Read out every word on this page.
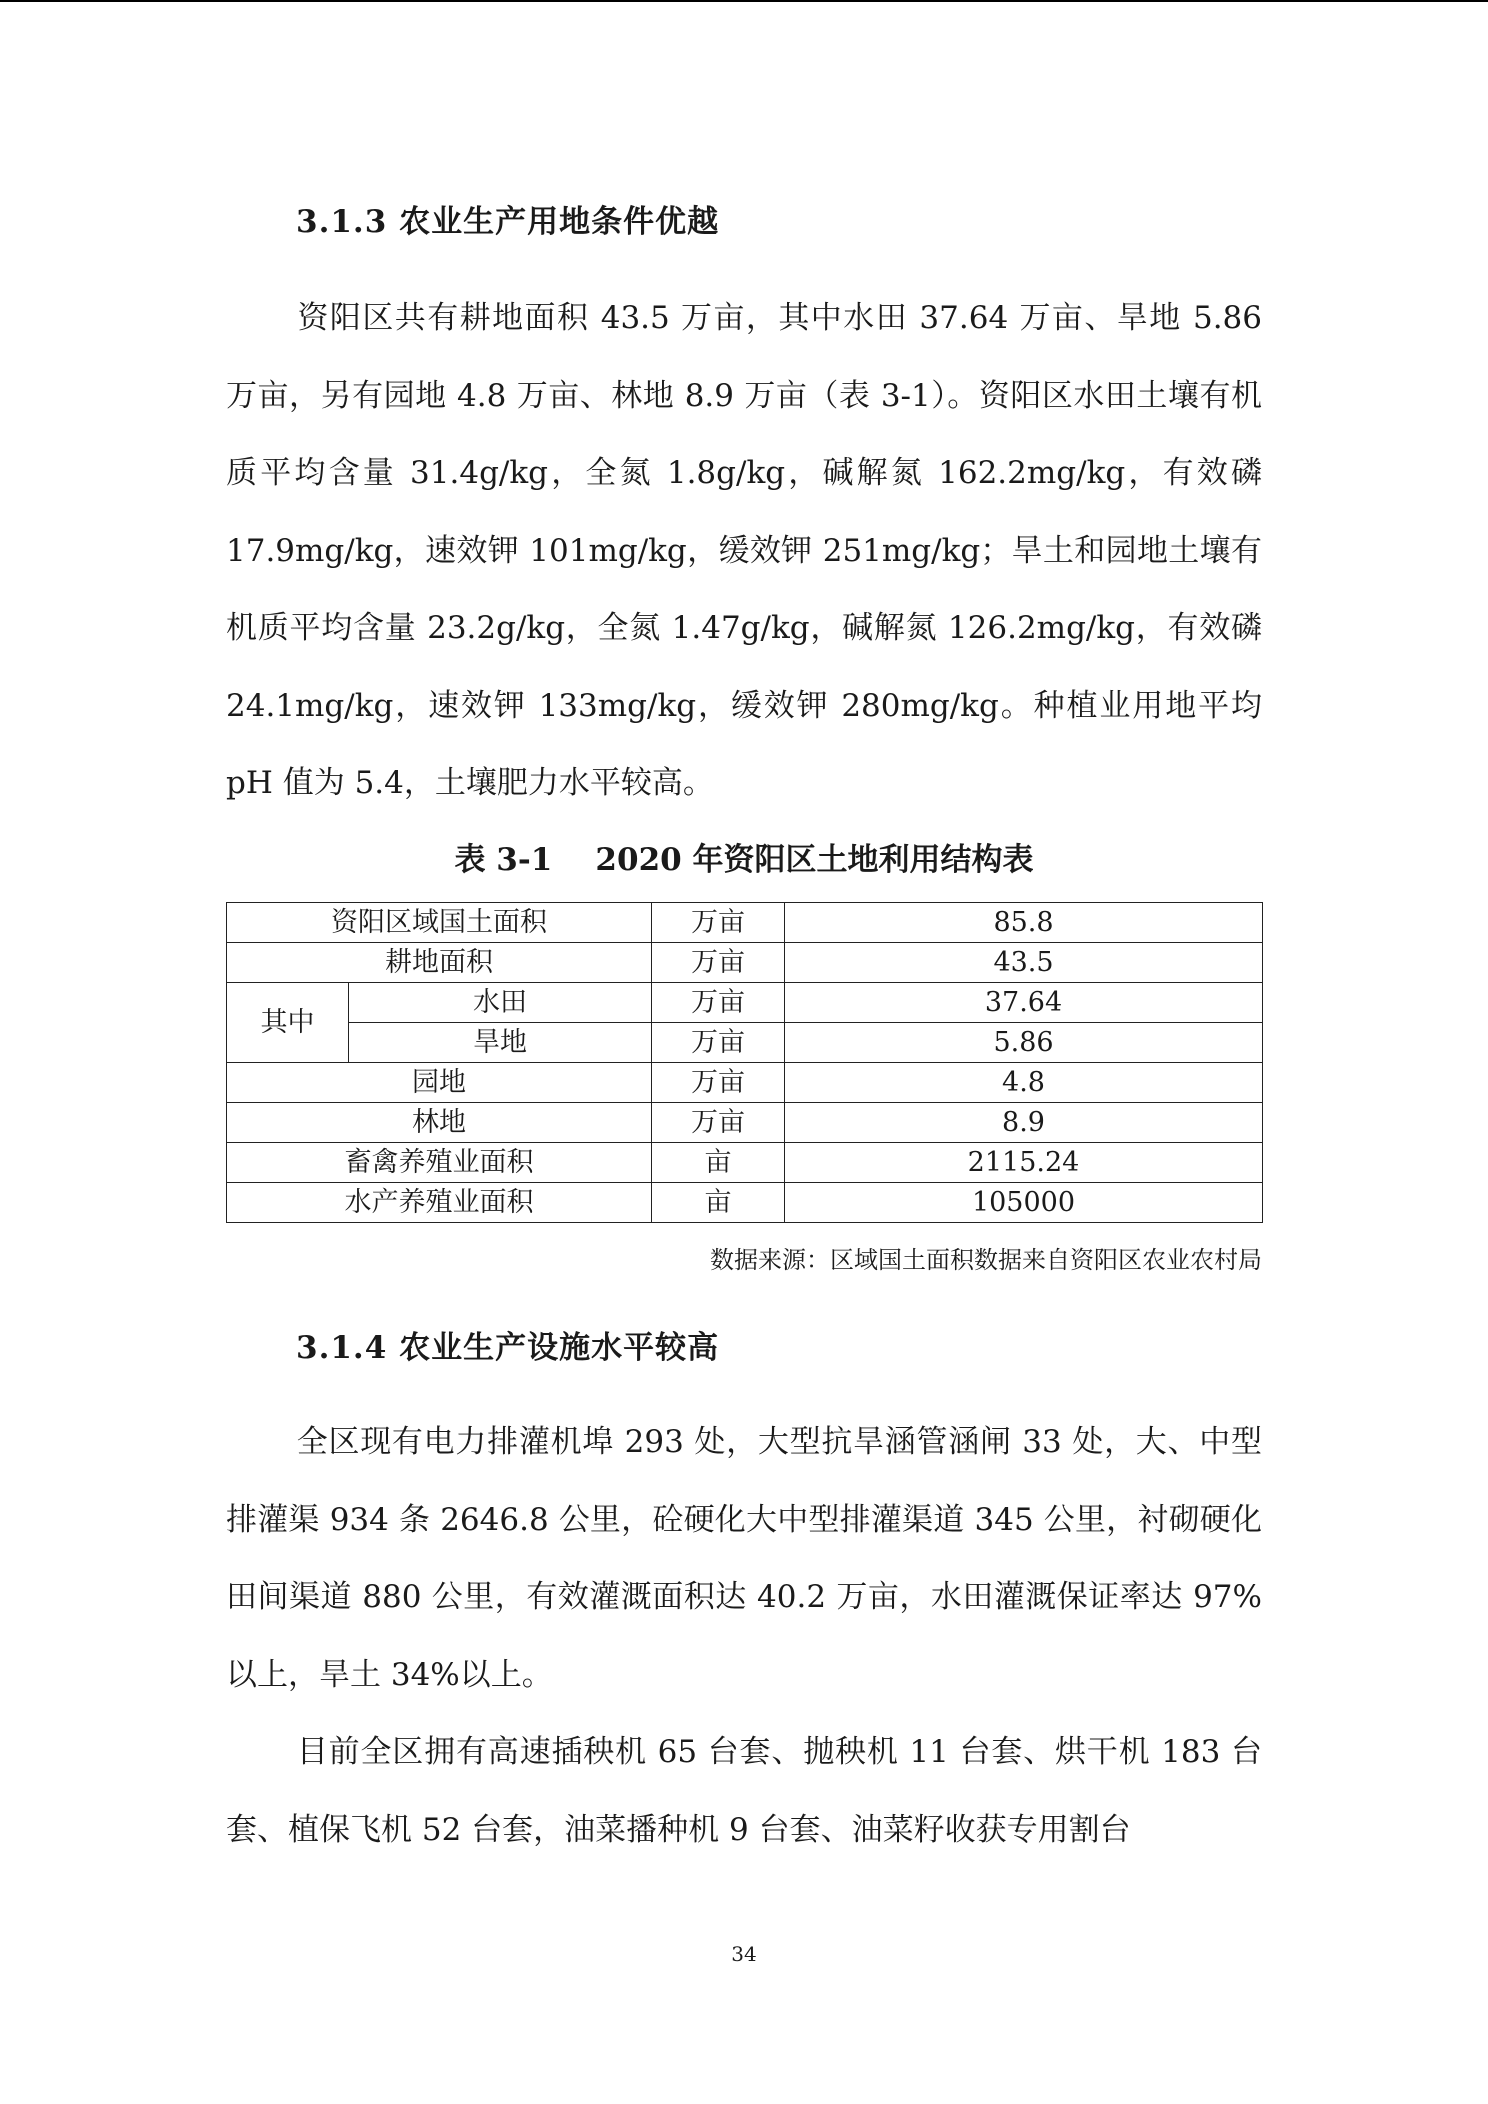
3.1.3 农业生产用地条件优越

资阳区共有耕地面积 43.5 万亩，其中水田 37.64 万亩、旱地 5.86 万亩，另有园地 4.8 万亩、林地 8.9 万亩（表 3-1）。资阳区水田土壤有机质平均含量 31.4g/kg，全氮 1.8g/kg，碱解氮 162.2mg/kg，有效磷 17.9mg/kg，速效钾 101mg/kg，缓效钾 251mg/kg；旱土和园地土壤有机质平均含量 23.2g/kg，全氮 1.47g/kg，碱解氮 126.2mg/kg，有效磷 24.1mg/kg，速效钾 133mg/kg，缓效钾 280mg/kg。种植业用地平均 pH 值为 5.4，土壤肥力水平较高。

表 3-1    2020 年资阳区土地利用结构表
资阳区域国土面积		万亩	85.8
耕地面积		万亩	43.5
其中	水田	万亩	37.64
	旱地	万亩	5.86
园地		万亩	4.8
林地		万亩	8.9
畜禽养殖业面积		亩	2115.24
水产养殖业面积		亩	105000
数据来源：区域国土面积数据来自资阳区农业农村局
3.1.4 农业生产设施水平较高

全区现有电力排灌机埠 293 处，大型抗旱涵管涵闸 33 处，大、中型排灌渠 934 条 2646.8 公里，砼硬化大中型排灌渠道 345 公里，衬砌硬化田间渠道 880 公里，有效灌溉面积达 40.2 万亩，水田灌溉保证率达 97%以上，旱土 34%以上。

目前全区拥有高速插秧机 65 台套、抛秧机 11 台套、烘干机 183 台套、植保飞机 52 台套，油菜播种机 9 台套、油菜籽收获专用割台

34
